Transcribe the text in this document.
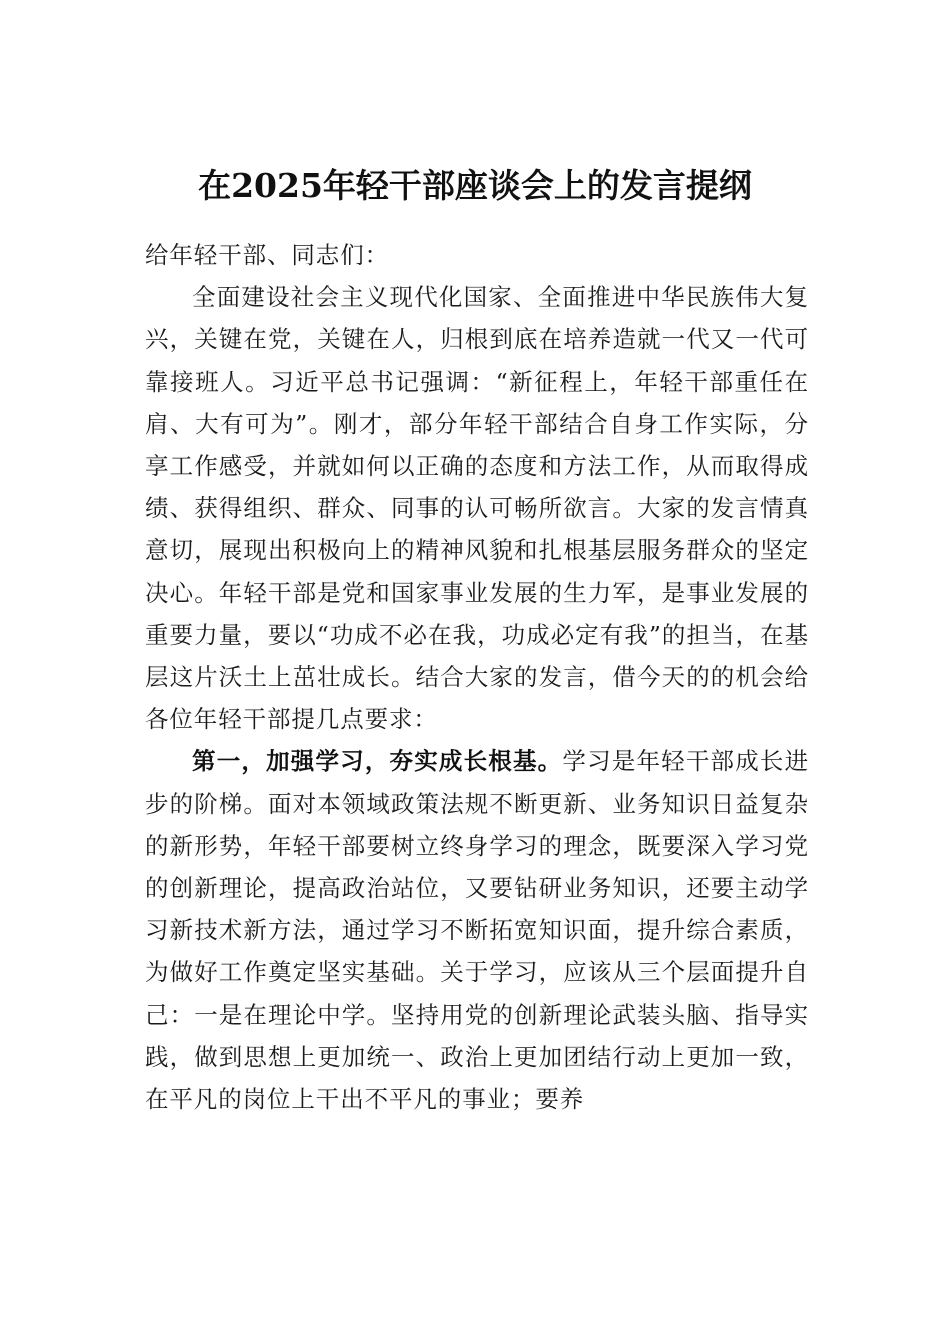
在2025年轻干部座谈会上的发言提纲

给年轻干部、同志们：

全面建设社会主义现代化国家、全面推进中华民族伟大复兴，关键在党，关键在人，归根到底在培养造就一代又一代可靠接班人。习近平总书记强调：“新征程上，年轻干部重任在肩、大有可为”。刚才，部分年轻干部结合自身工作实际，分享工作感受，并就如何以正确的态度和方法工作，从而取得成绩、获得组织、群众、同事的认可畅所欲言。大家的发言情真意切，展现出积极向上的精神风貌和扎根基层服务群众的坚定决心。年轻干部是党和国家事业发展的生力军，是事业发展的重要力量，要以“功成不必在我，功成必定有我”的担当，在基层这片沃土上茁壮成长。结合大家的发言，借今天的的机会给各位年轻干部提几点要求：

第一，加强学习，夯实成长根基。学习是年轻干部成长进步的阶梯。面对本领域政策法规不断更新、业务知识日益复杂的新形势，年轻干部要树立终身学习的理念，既要深入学习党的创新理论，提高政治站位，又要钻研业务知识，还要主动学习新技术新方法，通过学习不断拓宽知识面，提升综合素质，为做好工作奠定坚实基础。关于学习，应该从三个层面提升自己：一是在理论中学。坚持用党的创新理论武装头脑、指导实践，做到思想上更加统一、政治上更加团结行动上更加一致，在平凡的岗位上干出不平凡的事业；要养
